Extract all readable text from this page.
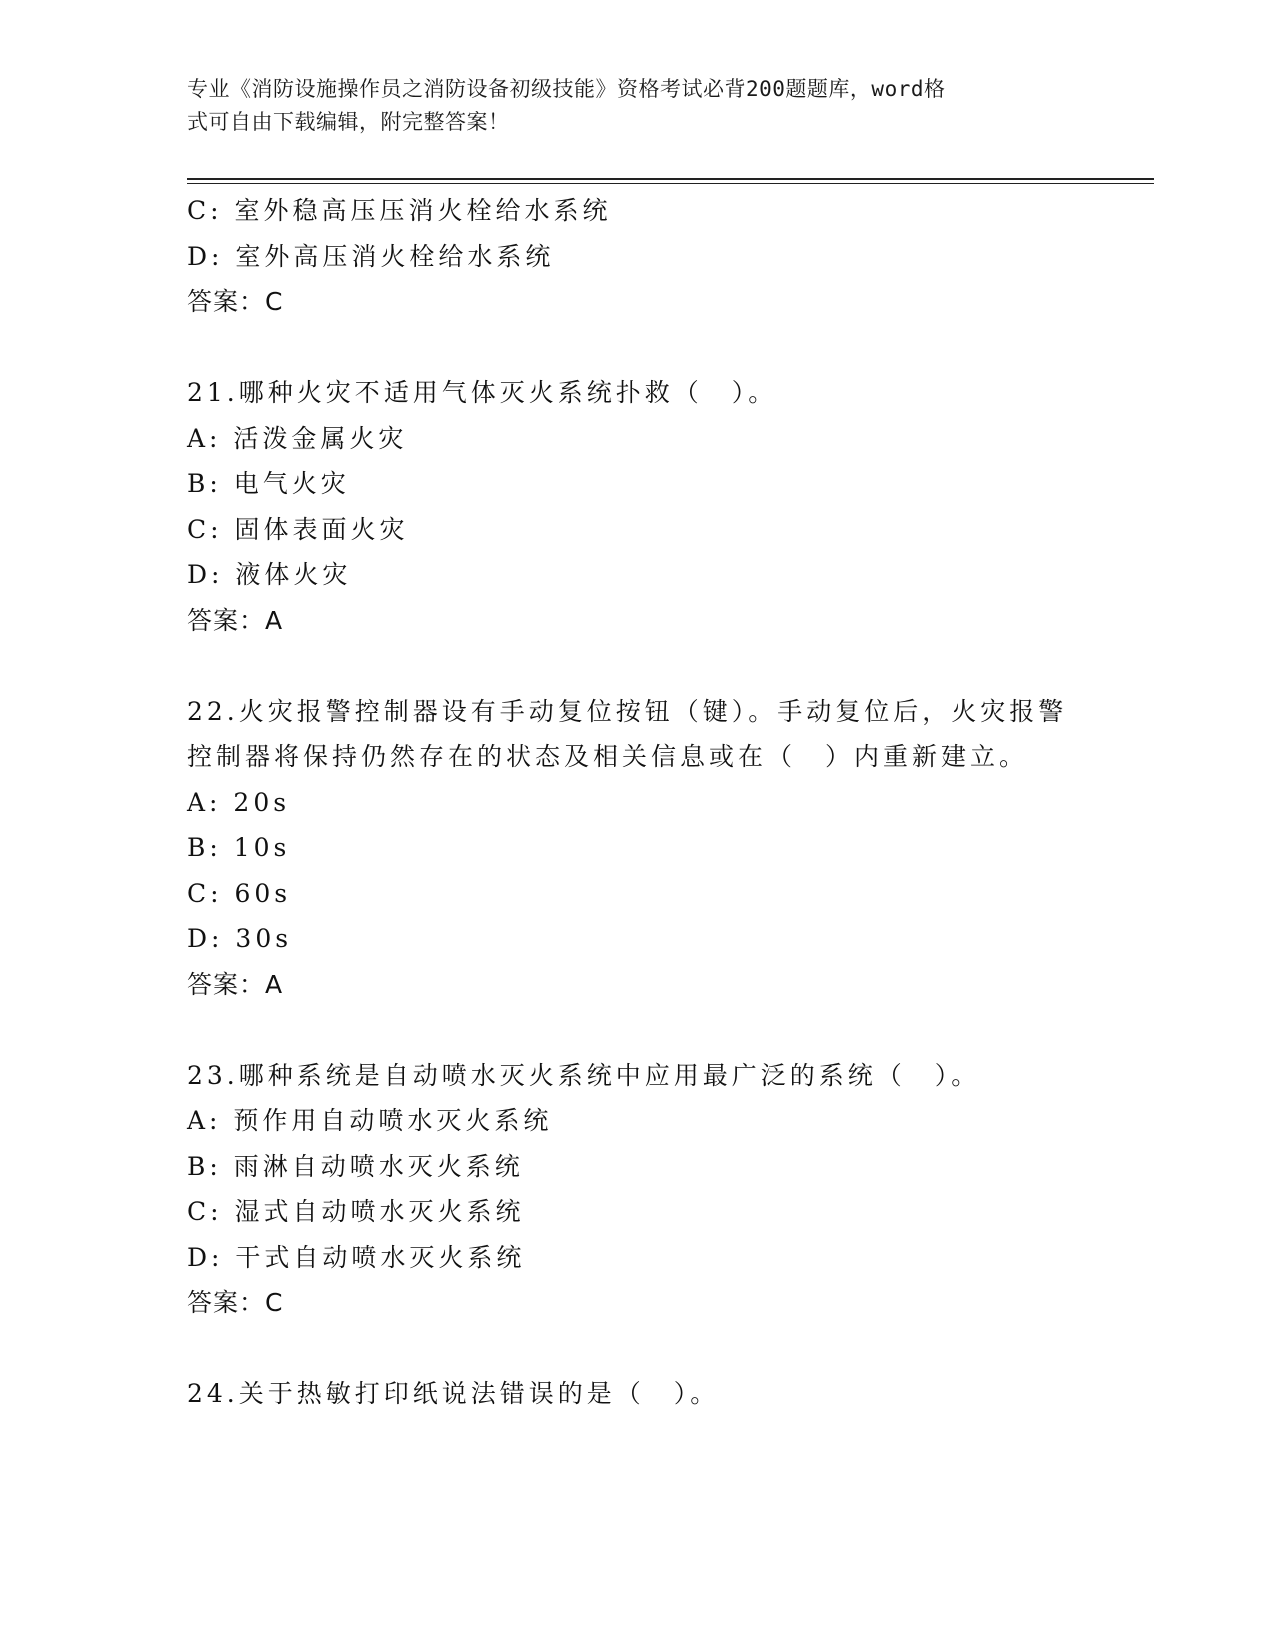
专业《消防设施操作员之消防设备初级技能》资格考试必背200题题库，word格
式可自由下载编辑，附完整答案！
C: 室外稳高压压消火栓给水系统
D: 室外高压消火栓给水系统
答案：C
21.哪种火灾不适用气体灭火系统扑救（　）。
A: 活泼金属火灾
B: 电气火灾
C: 固体表面火灾
D: 液体火灾
答案：A
22.火灾报警控制器设有手动复位按钮（键）。手动复位后，火灾报警
控制器将保持仍然存在的状态及相关信息或在（　）内重新建立。
A: 20s
B: 10s
C: 60s
D: 30s
答案：A
23.哪种系统是自动喷水灭火系统中应用最广泛的系统（　）。
A: 预作用自动喷水灭火系统
B: 雨淋自动喷水灭火系统
C: 湿式自动喷水灭火系统
D: 干式自动喷水灭火系统
答案：C
24.关于热敏打印纸说法错误的是（　）。
